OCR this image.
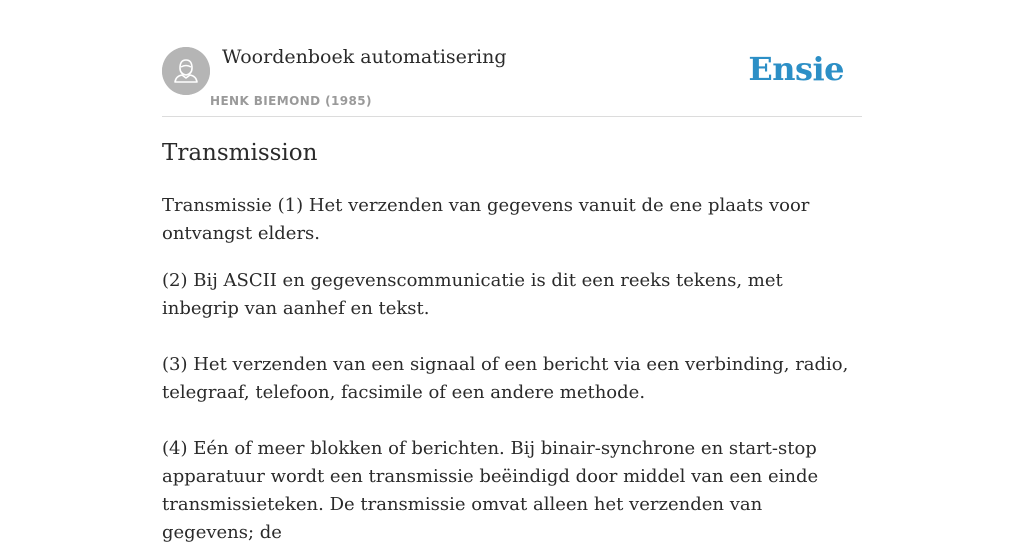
Woordenboek automatisering
HENK BIEMOND (1985)
Ensie
Transmission

Transmissie (1) Het verzenden van gegevens vanuit de ene plaats voor ontvangst elders.

(2) Bij ASCII en gegevenscommunicatie is dit een reeks tekens, met inbegrip van aanhef en tekst.

(3) Het verzenden van een signaal of een bericht via een verbinding, radio, telegraaf, telefoon, facsimile of een andere methode.

(4) Eén of meer blokken of berichten. Bij binair-synchrone en start-stop apparatuur wordt een transmissie beëindigd door middel van een einde transmissieteken. De transmissie omvat alleen het verzenden van gegevens; de
